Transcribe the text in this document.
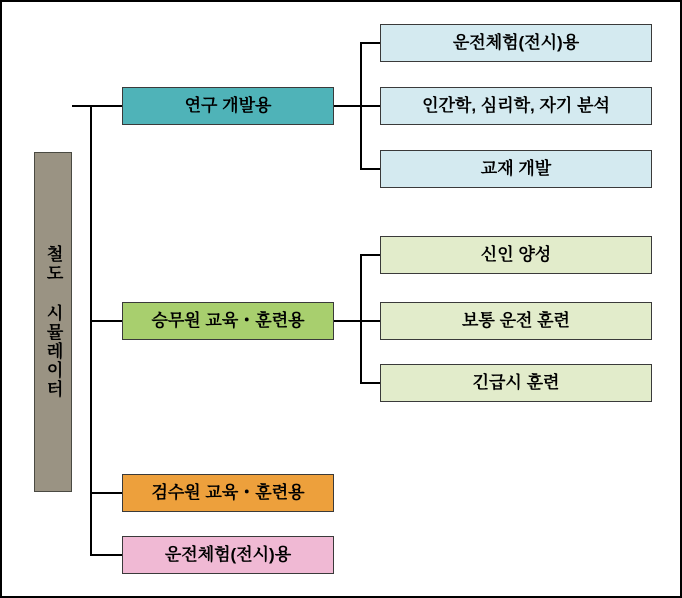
철도 시뮬레이터
연구 개발용
승무원 교육・훈련용
검수원 교육・훈련용
운전체험(전시)용
운전체험(전시)용
인간학, 심리학, 자기 분석
교재 개발
신인 양성
보통 운전 훈련
긴급시 훈련
